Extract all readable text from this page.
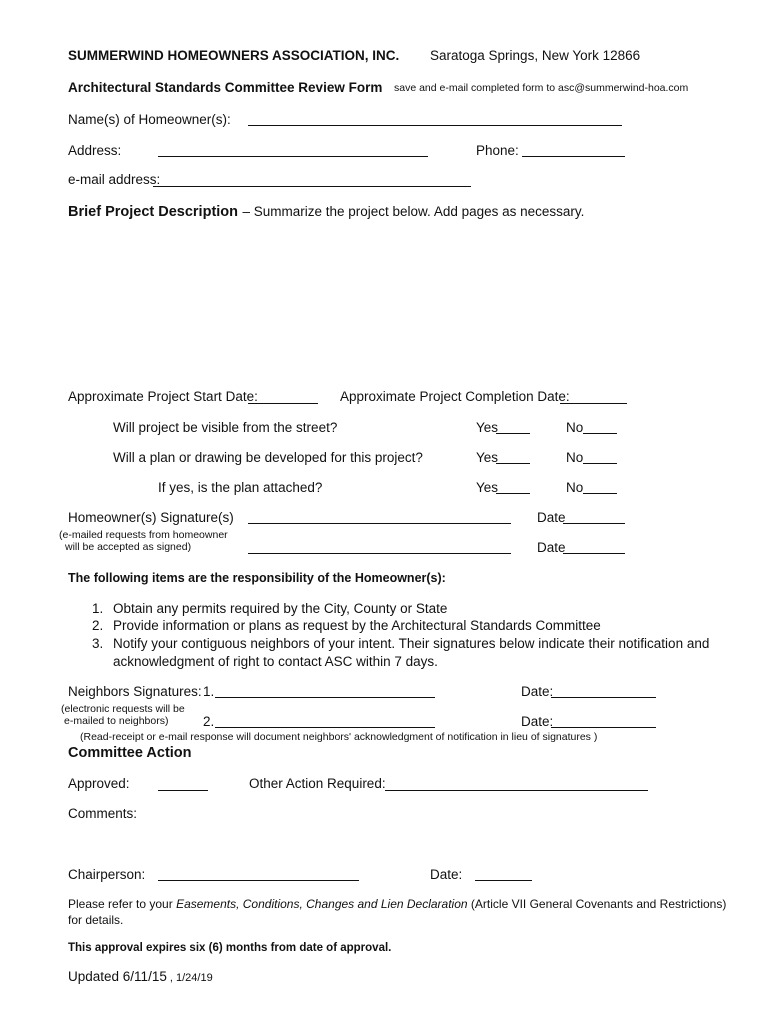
SUMMERWIND HOMEOWNERS ASSOCIATION, INC. Saratoga Springs, New York 12866
Architectural Standards Committee Review Form save and e-mail completed form to asc@summerwind-hoa.com
Name(s) of Homeowner(s):
Address:	Phone:
e-mail address:
Brief Project Description – Summarize the project below. Add pages as necessary.
Approximate Project Start Date:	Approximate Project Completion Date:
Will project be visible from the street?	Yes	No
Will a plan or drawing be developed for this project?	Yes	No
If yes, is the plan attached?	Yes	No
Homeowner(s) Signature(s)	Date
(e-mailed requests from homeowner
will be accepted as signed)	Date
The following items are the responsibility of the Homeowner(s):
1. Obtain any permits required by the City, County or State
2. Provide information or plans as request by the Architectural Standards Committee
3. Notify your contiguous neighbors of your intent. Their signatures below indicate their notification and
acknowledgment of right to contact ASC within 7 days.
Neighbors Signatures: 1.	Date:
(electronic requests will be
e-mailed to neighbors)	2.	Date:
(Read-receipt or e-mail response will document neighbors' acknowledgment of notification in lieu of signatures )
Committee Action
Approved:	Other Action Required:
Comments:
Chairperson:	Date:
Please refer to your Easements, Conditions, Changes and Lien Declaration (Article VII General Covenants and Restrictions)
for details.
This approval expires six (6) months from date of approval.
Updated 6/11/15 , 1/24/19
